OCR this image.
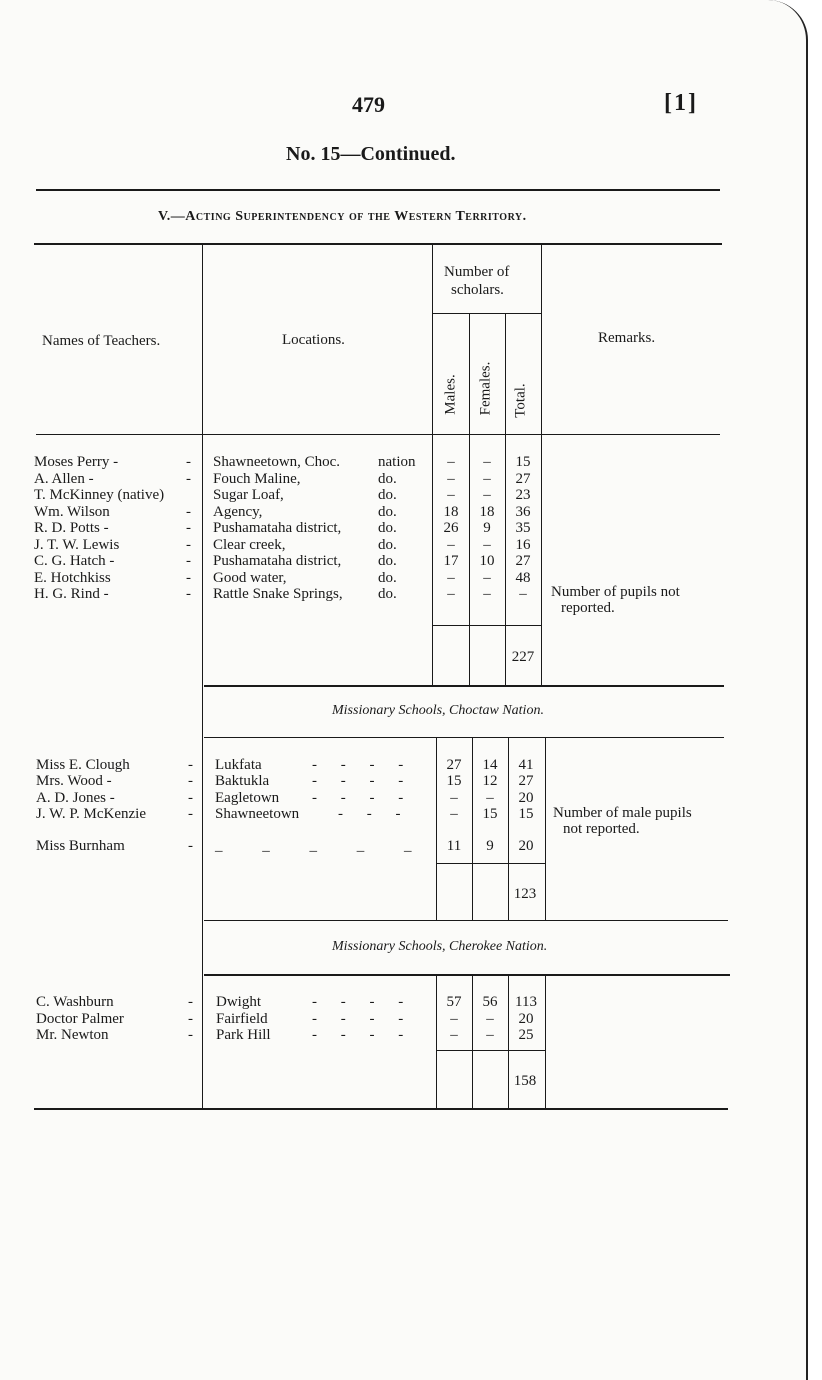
479	[1]
No. 15—Continued.
V.—Acting Superintendency of the Western Territory.
Names of Teachers.	Locations.
Number of
scholars.
Males. Females. Total.
Remarks.
Moses Perry -	- Shawneetown, Choc.	nation	–	–	15
A. Allen -	- Fouch Maline,	do.	–	–	27
T. McKinney (native)	Sugar Loaf,	do.	–	–	23
Wm. Wilson	- Agency,	do.	18	18	36
R. D. Potts -	- Pushamataha district, do.	26	9	35
J. T. W. Lewis	- Clear creek,	do.	–	–	16
C. G. Hatch -	- Pushamataha district, do.	17	10	27
E. Hotchkiss	- Good water,	do.	–	–	48
H. G. Rind -	- Rattle Snake Springs, do.	–	–	–
227
Number of pupils not
reported.
Missionary Schools, Choctaw Nation.
Miss E. Clough	- Lukfata	- - - -	27	14	41
Mrs. Wood -	- Baktukla	- - - -	15	12	27
A. D. Jones -	- Eagletown - - - -	–	–	20
J. W. P. McKenzie	- Shawneetown	- - -	–	15	15
Miss Burnham	- _ _ _ _ _	11	9	20
123
Number of male pupils
not reported.
Missionary Schools, Cherokee Nation.
C. Washburn	- Dwight	- - - -	57	56	113
Doctor Palmer	- Fairfield	- - - -	–	–	20
Mr. Newton	- Park Hill	- - - -	–	–	25
158
